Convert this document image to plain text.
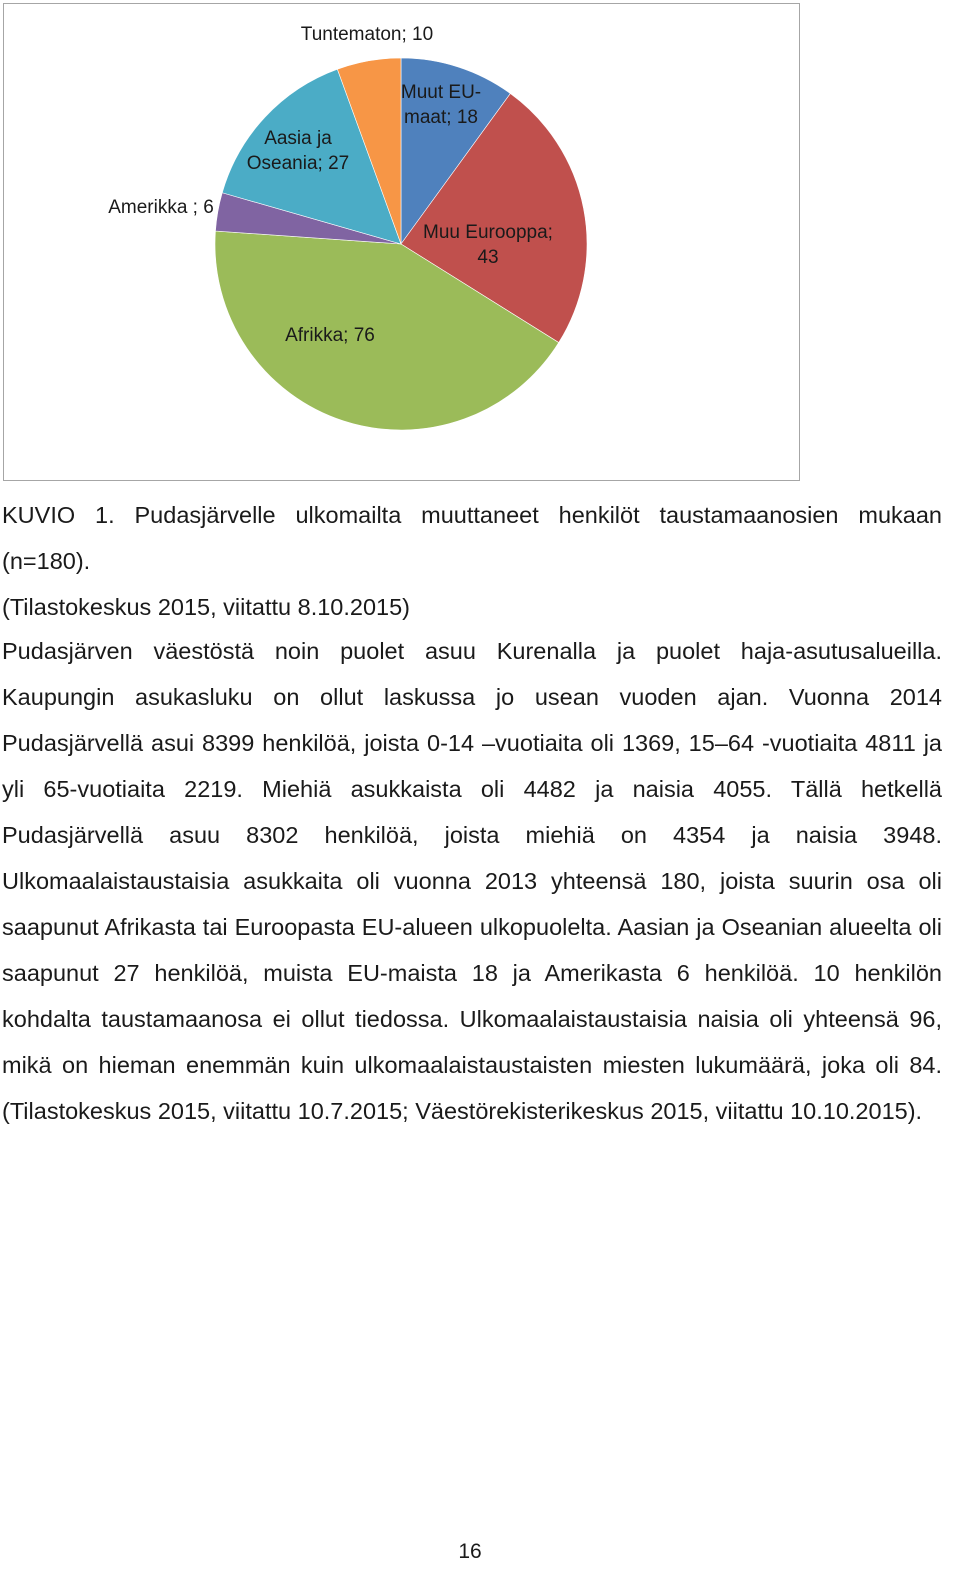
Muut EU-maat; 18
Muu Eurooppa; 43
Afrikka; 76
Amerikka ; 6
Aasia ja Oseania; 27
Tuntematon; 10
KUVIO 1. Pudasjärvelle ulkomailta muuttaneet henkilöt taustamaanosien mukaan (n=180).
(Tilastokeskus 2015, viitattu 8.10.2015)
Pudasjärven väestöstä noin puolet asuu Kurenalla ja puolet haja-asutusalueilla. Kaupungin asukasluku on ollut laskussa jo usean vuoden ajan. Vuonna 2014 Pudasjärvellä asui 8399 henkilöä, joista 0-14 –vuotiaita oli 1369, 15–64 -vuotiaita 4811 ja yli 65-vuotiaita 2219. Miehiä asukkaista oli 4482 ja naisia 4055. Tällä hetkellä Pudasjärvellä asuu 8302 henkilöä, joista miehiä on 4354 ja naisia 3948. Ulkomaalaistaustaisia asukkaita oli vuonna 2013 yhteensä 180, joista suurin osa oli saapunut Afrikasta tai Euroopasta EU-alueen ulkopuolelta. Aasian ja Oseanian alueelta oli saapunut 27 henkilöä, muista EU-maista 18 ja Amerikasta 6 henkilöä. 10 henkilön kohdalta taustamaanosa ei ollut tiedossa. Ulkomaalaistaustaisia naisia oli yhteensä 96, mikä on hieman enemmän kuin ulkomaalaistaustaisten miesten lukumäärä, joka oli 84. (Tilastokeskus 2015, viitattu 10.7.2015; Väestörekisterikeskus 2015, viitattu 10.10.2015).
16
